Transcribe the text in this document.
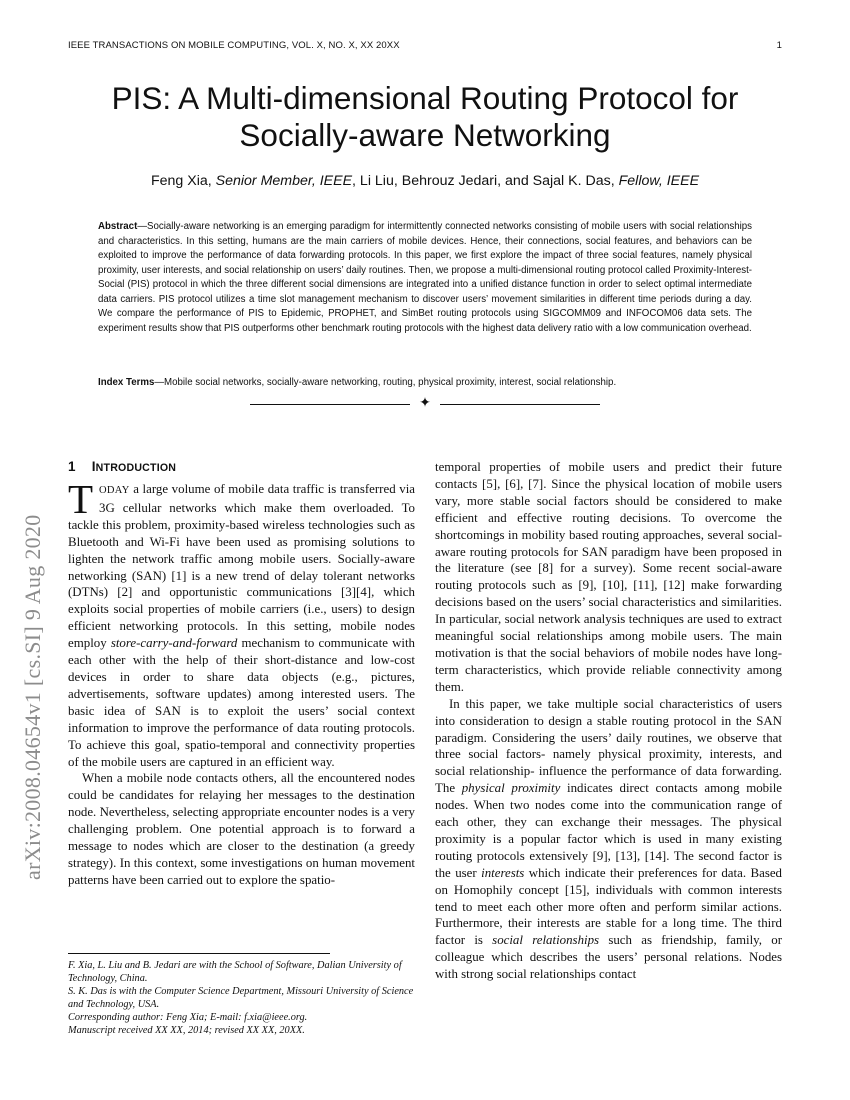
IEEE TRANSACTIONS ON MOBILE COMPUTING, VOL. X, NO. X, XX 20XX	1
arXiv:2008.04654v1 [cs.SI] 9 Aug 2020
PIS: A Multi-dimensional Routing Protocol for
Socially-aware Networking
Feng Xia, Senior Member, IEEE, Li Liu, Behrouz Jedari, and Sajal K. Das, Fellow, IEEE

Abstract—Socially-aware networking is an emerging paradigm for intermittently connected networks consisting of mobile users with social relationships and characteristics. In this setting, humans are the main carriers of mobile devices. Hence, their connections, social features, and behaviors can be exploited to improve the performance of data forwarding protocols. In this paper, we first explore the impact of three social features, namely physical proximity, user interests, and social relationship on users’ daily routines. Then, we propose a multi-dimensional routing protocol called Proximity-Interest-Social (PIS) protocol in which the three different social dimensions are integrated into a unified distance function in order to select optimal intermediate data carriers. PIS protocol utilizes a time slot management mechanism to discover users’ movement similarities in different time periods during a day. We compare the performance of PIS to Epidemic, PROPHET, and SimBet routing protocols using SIGCOMM09 and INFOCOM06 data sets. The experiment results show that PIS outperforms other benchmark routing protocols with the highest data delivery ratio with a low communication overhead.

Index Terms—Mobile social networks, socially-aware networking, routing, physical proximity, interest, social relationship.

✦
1 INTRODUCTION

TODAY a large volume of mobile data traffic is transferred via 3G cellular networks which make them overloaded. To tackle this problem, proximity-based wireless technologies such as Bluetooth and Wi-Fi have been used as promising solutions to lighten the network traffic among mobile users. Socially-aware networking (SAN) [1] is a new trend of delay tolerant networks (DTNs) [2] and opportunistic communications [3][4], which exploits social properties of mobile carriers (i.e., users) to design efficient networking protocols. In this setting, mobile nodes employ store-carry-and-forward mechanism to communicate with each other with the help of their short-distance and low-cost devices in order to share data objects (e.g., pictures, advertisements, software updates) among interested users. The basic idea of SAN is to exploit the users’ social context information to improve the performance of data routing protocols. To achieve this goal, spatio-temporal and connectivity properties of the mobile users are captured in an efficient way.

When a mobile node contacts others, all the encountered nodes could be candidates for relaying her messages to the destination node. Nevertheless, selecting appropriate encounter nodes is a very challenging problem. One potential approach is to forward a message to nodes which are closer to the destination (a greedy strategy). In this context, some investigations on human movement patterns have been carried out to explore the spatio-

temporal properties of mobile users and predict their future contacts [5], [6], [7]. Since the physical location of mobile users vary, more stable social factors should be considered to make efficient and effective routing decisions. To overcome the shortcomings in mobility based routing approaches, several social-aware routing protocols for SAN paradigm have been proposed in the literature (see [8] for a survey). Some recent social-aware routing protocols such as [9], [10], [11], [12] make forwarding decisions based on the users’ social characteristics and similarities. In particular, social network analysis techniques are used to extract meaningful social relationships among mobile users. The main motivation is that the social behaviors of mobile nodes have long-term characteristics, which provide reliable connectivity among them.

In this paper, we take multiple social characteristics of users into consideration to design a stable routing protocol in the SAN paradigm. Considering the users’ daily routines, we observe that three social factors- namely physical proximity, interests, and social relationship- influence the performance of data forwarding. The physical proximity indicates direct contacts among mobile nodes. When two nodes come into the communication range of each other, they can exchange their messages. The physical proximity is a popular factor which is used in many existing routing protocols extensively [9], [13], [14]. The second factor is the user interests which indicate their preferences for data. Based on Homophily concept [15], individuals with common interests tend to meet each other more often and perform similar actions. Furthermore, their interests are stable for a long time. The third factor is social relationships such as friendship, family, or colleague which describes the users’ personal relations. Nodes with strong social relationships contact

F. Xia, L. Liu and B. Jedari are with the School of Software, Dalian University of Technology, China.

S. K. Das is with the Computer Science Department, Missouri University of Science and Technology, USA.

Corresponding author: Feng Xia; E-mail: f.xia@ieee.org.

Manuscript received XX XX, 2014; revised XX XX, 20XX.
